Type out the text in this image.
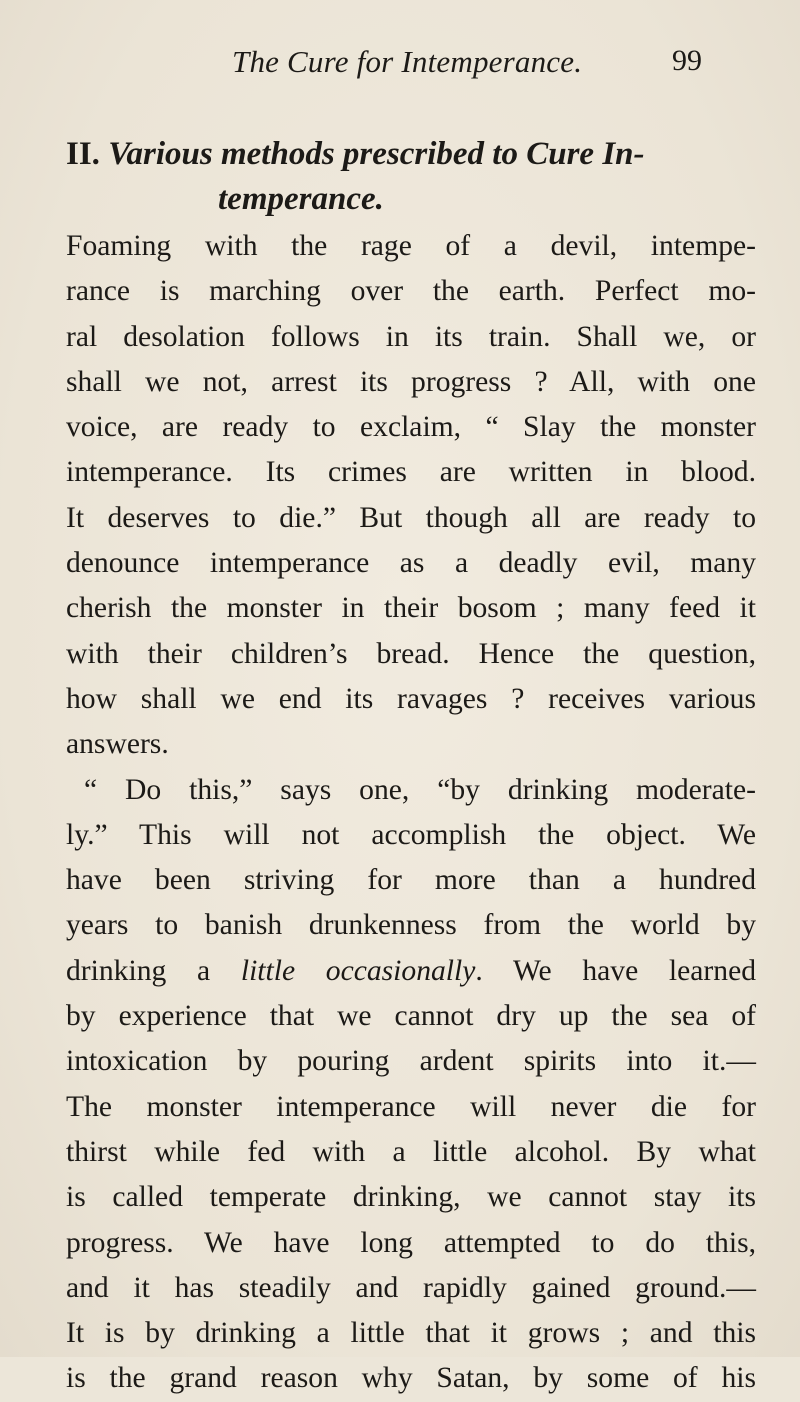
The Cure for Intemperance.	99
II. Various methods prescribed to Cure In-
temperance.
Foaming with the rage of a devil, intempe-
rance is marching over the earth. Perfect mo-
ral desolation follows in its train. Shall we, or
shall we not, arrest its progress ? All, with one
voice, are ready to exclaim, “ Slay the monster
intemperance. Its crimes are written in blood.
It deserves to die.” But though all are ready to
denounce intemperance as a deadly evil, many
cherish the monster in their bosom ; many feed it
with their children’s bread. Hence the question,
how shall we end its ravages ? receives various
answers.
“ Do this,” says one, “by drinking moderate-
ly.” This will not accomplish the object. We
have been striving for more than a hundred
years to banish drunkenness from the world by
drinking a little occasionally. We have learned
by experience that we cannot dry up the sea of
intoxication by pouring ardent spirits into it.—
The monster intemperance will never die for
thirst while fed with a little alcohol. By what
is called temperate drinking, we cannot stay its
progress. We have long attempted to do this,
and it has steadily and rapidly gained ground.—
It is by drinking a little that it grows ; and this
is the grand reason why Satan, by some of his
